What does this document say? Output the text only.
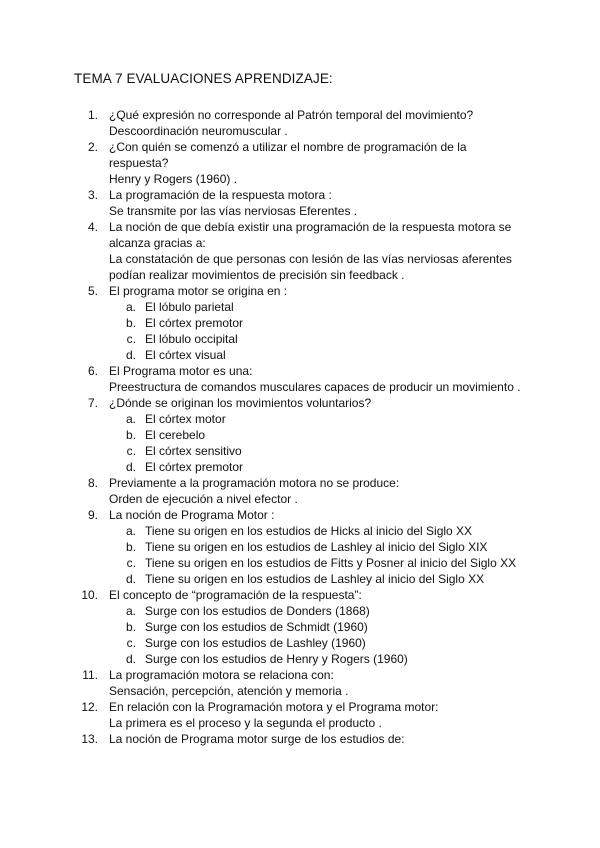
TEMA 7 EVALUACIONES APRENDIZAJE:
1. ¿Qué expresión no corresponde al Patrón temporal del movimiento?
Descoordinación neuromuscular .
2. ¿Con quién se comenzó a utilizar el nombre de programación de la
respuesta?
Henry y Rogers (1960) .
3. La programación de la respuesta motora :
Se transmite por las vías nerviosas Eferentes .
4. La noción de que debía existir una programación de la respuesta motora se
alcanza gracias a:
La constatación de que personas con lesión de las vías nerviosas aferentes
podían realizar movimientos de precisión sin feedback .
5. El programa motor se origina en :
a. El lóbulo parietal
b. El córtex premotor
c. El lóbulo occipital
d. El córtex visual
6. El Programa motor es una:
Preestructura de comandos musculares capaces de producir un movimiento .
7. ¿Dónde se originan los movimientos voluntarios?
a. El córtex motor
b. El cerebelo
c. El córtex sensitivo
d. El córtex premotor
8. Previamente a la programación motora no se produce:
Orden de ejecución a nivel efector .
9. La noción de Programa Motor :
a. Tiene su origen en los estudios de Hicks al inicio del Siglo XX
b. Tiene su origen en los estudios de Lashley al inicio del Siglo XIX
c. Tiene su origen en los estudios de Fitts y Posner al inicio del Siglo XX
d. Tiene su origen en los estudios de Lashley al inicio del Siglo XX
10. El concepto de “programación de la respuesta”:
a. Surge con los estudios de Donders (1868)
b. Surge con los estudios de Schmidt (1960)
c. Surge con los estudios de Lashley (1960)
d. Surge con los estudios de Henry y Rogers (1960)
11. La programación motora se relaciona con:
Sensación, percepción, atención y memoria .
12. En relación con la Programación motora y el Programa motor:
La primera es el proceso y la segunda el producto .
13. La noción de Programa motor surge de los estudios de:
